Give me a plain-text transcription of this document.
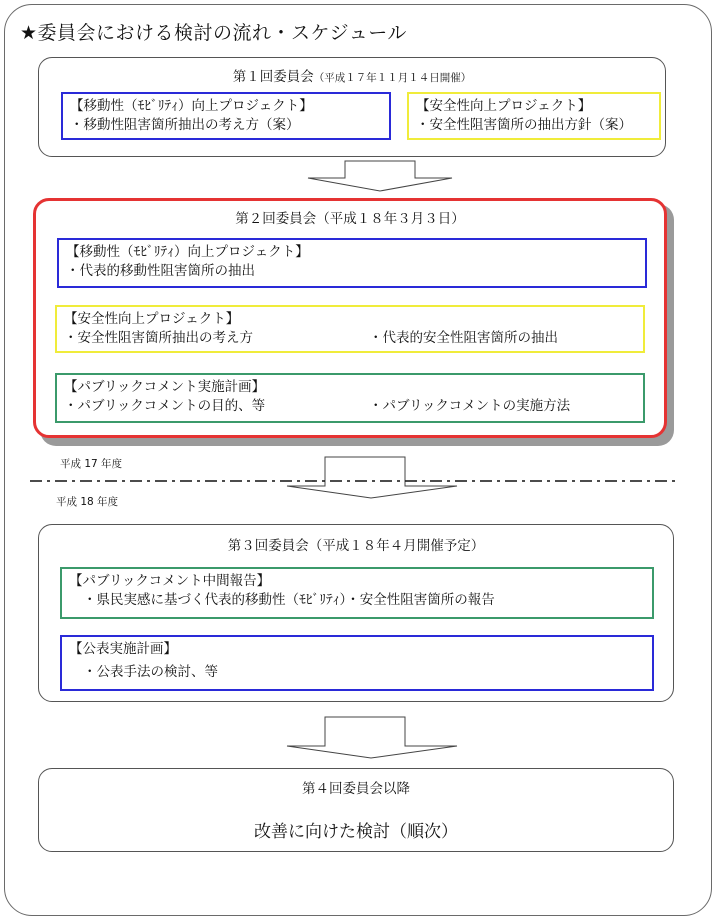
★委員会における検討の流れ・スケジュール
第１回委員会（平成１７年１１月１４日開催）
【移動性（ﾓﾋﾞﾘﾃｨ）向上プロジェクト】
・移動性阻害箇所抽出の考え方（案）
【安全性向上プロジェクト】
・安全性阻害箇所の抽出方針（案）
第２回委員会（平成１８年３月３日）
【移動性（ﾓﾋﾞﾘﾃｨ）向上プロジェクト】
・代表的移動性阻害箇所の抽出
【安全性向上プロジェクト】
・安全性阻害箇所抽出の考え方	・代表的安全性阻害箇所の抽出
【パブリックコメント実施計画】
・パブリックコメントの目的、等	・パブリックコメントの実施方法
平成 17 年度
平成 18 年度
第３回委員会（平成１８年４月開催予定）
【パブリックコメント中間報告】
・県民実感に基づく代表的移動性（ﾓﾋﾞﾘﾃｨ）・安全性阻害箇所の報告
【公表実施計画】
・公表手法の検討、等
第４回委員会以降
改善に向けた検討（順次）
